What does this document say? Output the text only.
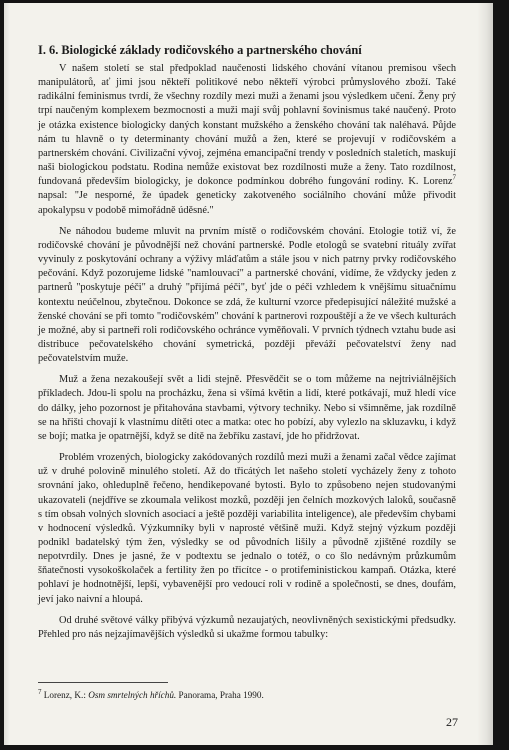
I. 6. Biologické základy rodičovského a partnerského chování

V našem století se stal předpoklad naučenosti lidského chování vítanou premisou všech manipulátorů, ať jimi jsou někteří politikové nebo někteří výrobci průmyslového zboží. Také radikální feminismus tvrdí, že všechny rozdíly mezi muži a ženami jsou výsledkem učení. Ženy prý trpí naučeným komplexem bezmocnosti a muži mají svůj pohlavní šovinismus také naučený. Proto je otázka existence biologicky daných konstant mužského a ženského chování tak naléhavá. Půjde nám tu hlavně o ty determinanty chování mužů a žen, které se projevují v rodičovském a partnerském chování. Civilizační vývoj, zejména emancipační trendy v posledních staletích, maskují naši biologickou podstatu. Rodina nemůže existovat bez rozdílnosti muže a ženy. Tato rozdílnost, fundovaná především biologicky, je dokonce podmínkou dobrého fungování rodiny. K. Lorenz$^7$ napsal: "Je nesporné, že úpadek geneticky zakotveného sociálního chování může přivodit apokalypsu v podobě mimořádně úděsné."

Ne náhodou budeme mluvit na prvním místě o rodičovském chování. Etologie totiž ví, že rodičovské chování je původnější než chování partnerské. Podle etologů se svatební rituály zvířat vyvinuly z poskytování ochrany a výživy mláďatům a stále jsou v nich patrny prvky rodičovského pečování. Když pozorujeme lidské "namlouvací" a partnerské chování, vidíme, že vždycky jeden z partnerů "poskytuje péči" a druhý "přijímá péči", byť jde o péči vzhledem k vnějšímu situačnímu kontextu neúčelnou, zbytečnou. Dokonce se zdá, že kulturní vzorce předepisující náležité mužské a ženské chování se při tomto "rodičovském" chování k partnerovi rozpouštějí a že ve všech kulturách je možné, aby si partneři roli rodičovského ochránce vyměňovali. V prvních týdnech vztahu bude asi distribuce pečovatelského chování symetrická, později převáží pečovatelství ženy nad pečovatelstvím muže.

Muž a žena nezakoušejí svět a lidi stejně. Přesvědčit se o tom můžeme na nejtriviálnějších příkladech. Jdou-li spolu na procházku, žena si všímá květin a lidí, které potkávají, muž hledí více do dálky, jeho pozornost je přitahována stavbami, výtvory techniky. Nebo si všimněme, jak rozdílně se na hřišti chovají k vlastnímu dítěti otec a matka: otec ho pobízí, aby vylezlo na skluzavku, i když se bojí; matka je opatrnější, když se dítě na žebříku zastaví, jde ho přidržovat.

Problém vrozených, biologicky zakódovaných rozdílů mezi muži a ženami začal vědce zajímat už v druhé polovině minulého století. Až do třicátých let našeho století vycházely ženy z tohoto srovnání jako, ohleduplně řečeno, hendikepované bytosti. Bylo to způsobeno nejen studovanými ukazovateli (nejdříve se zkoumala velikost mozků, později jen čelních mozkových laloků, současně s tím obsah volných slovních asociací a ještě později variabilita inteligence), ale především chybami v hodnocení výsledků. Výzkumníky byli v naprosté většině muži. Když stejný výzkum později podnikl badatelský tým žen, výsledky se od původních lišily a původně zjištěné rozdíly se nepotvrdily. Dnes je jasné, že v podtextu se jednalo o totéž, o co šlo nedávným průzkumům šňatečnosti vysokoškolaček a fertility žen po třicítce - o protifeministickou kampaň. Otázka, které pohlaví je hodnotnější, lepší, vybavenější pro vedoucí roli v rodině a společnosti, se dnes, doufám, jeví jako naivní a hloupá.

Od druhé světové války přibývá výzkumů nezaujatých, neovlivněných sexistickými předsudky. Přehled pro nás nejzajímavějších výsledků si ukažme formou tabulky:

$^7$ Lorenz, K.: Osm smrtelných hříchů. Panorama, Praha 1990.
27
